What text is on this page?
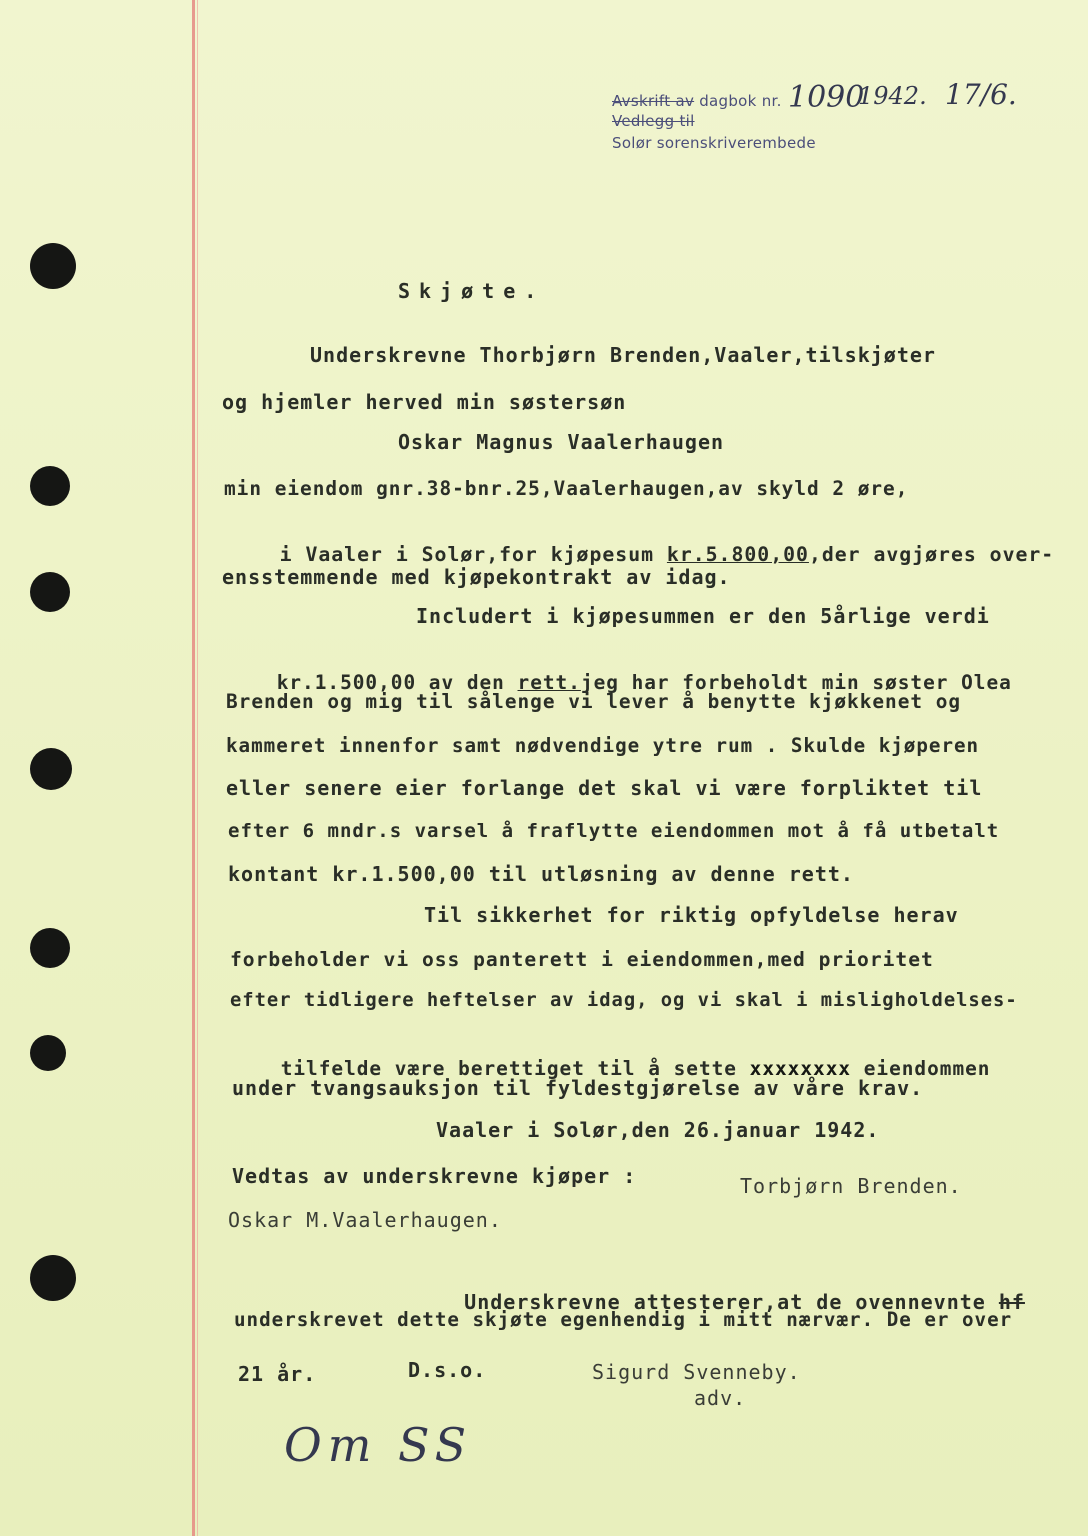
Avskrift av dagbok nr.
Vedlegg til
Solør sorenskriverembede
1090
1942. 17/6.
Skjøte.
Underskrevne Thorbjørn Brenden,Vaaler,tilskjøter
og hjemler herved min søstersøn
Oskar Magnus Vaalerhaugen
min eiendom gnr.38-bnr.25,Vaalerhaugen,av skyld 2 øre,

i Vaaler i Solør,for kjøpesum kr.5.800,00,der avgjøres over-

ensstemmende med kjøpekontrakt av idag.
Includert i kjøpesummen er den 5årlige verdi

kr.1.500,00 av den rett.jeg har forbeholdt min søster Olea

Brenden og mig til sålenge vi lever å benytte kjøkkenet og
kammeret innenfor samt nødvendige ytre rum . Skulde kjøperen
eller senere eier forlange det skal vi være forpliktet til
efter 6 mndr.s varsel å fraflytte eiendommen mot å få utbetalt
kontant kr.1.500,00 til utløsning av denne rett.
Til sikkerhet for riktig opfyldelse herav
forbeholder vi oss panterett i eiendommen,med prioritet
efter tidligere heftelser av idag, og vi skal i misligholdelses-

tilfelde være berettiget til å sette xxxxxxxx eiendommen

under tvangsauksjon til fyldestgjørelse av våre krav.
Vaaler i Solør,den 26.januar 1942.
Vedtas av underskrevne kjøper :	Torbjørn Brenden.
Oskar M.Vaalerhaugen.

Underskrevne attesterer,at de ovennevnte hf

underskrevet dette skjøte egenhendig i mitt nærvær. De er over
21 år.	D.s.o.	Sigurd Svenneby.
adv.
Om SS
